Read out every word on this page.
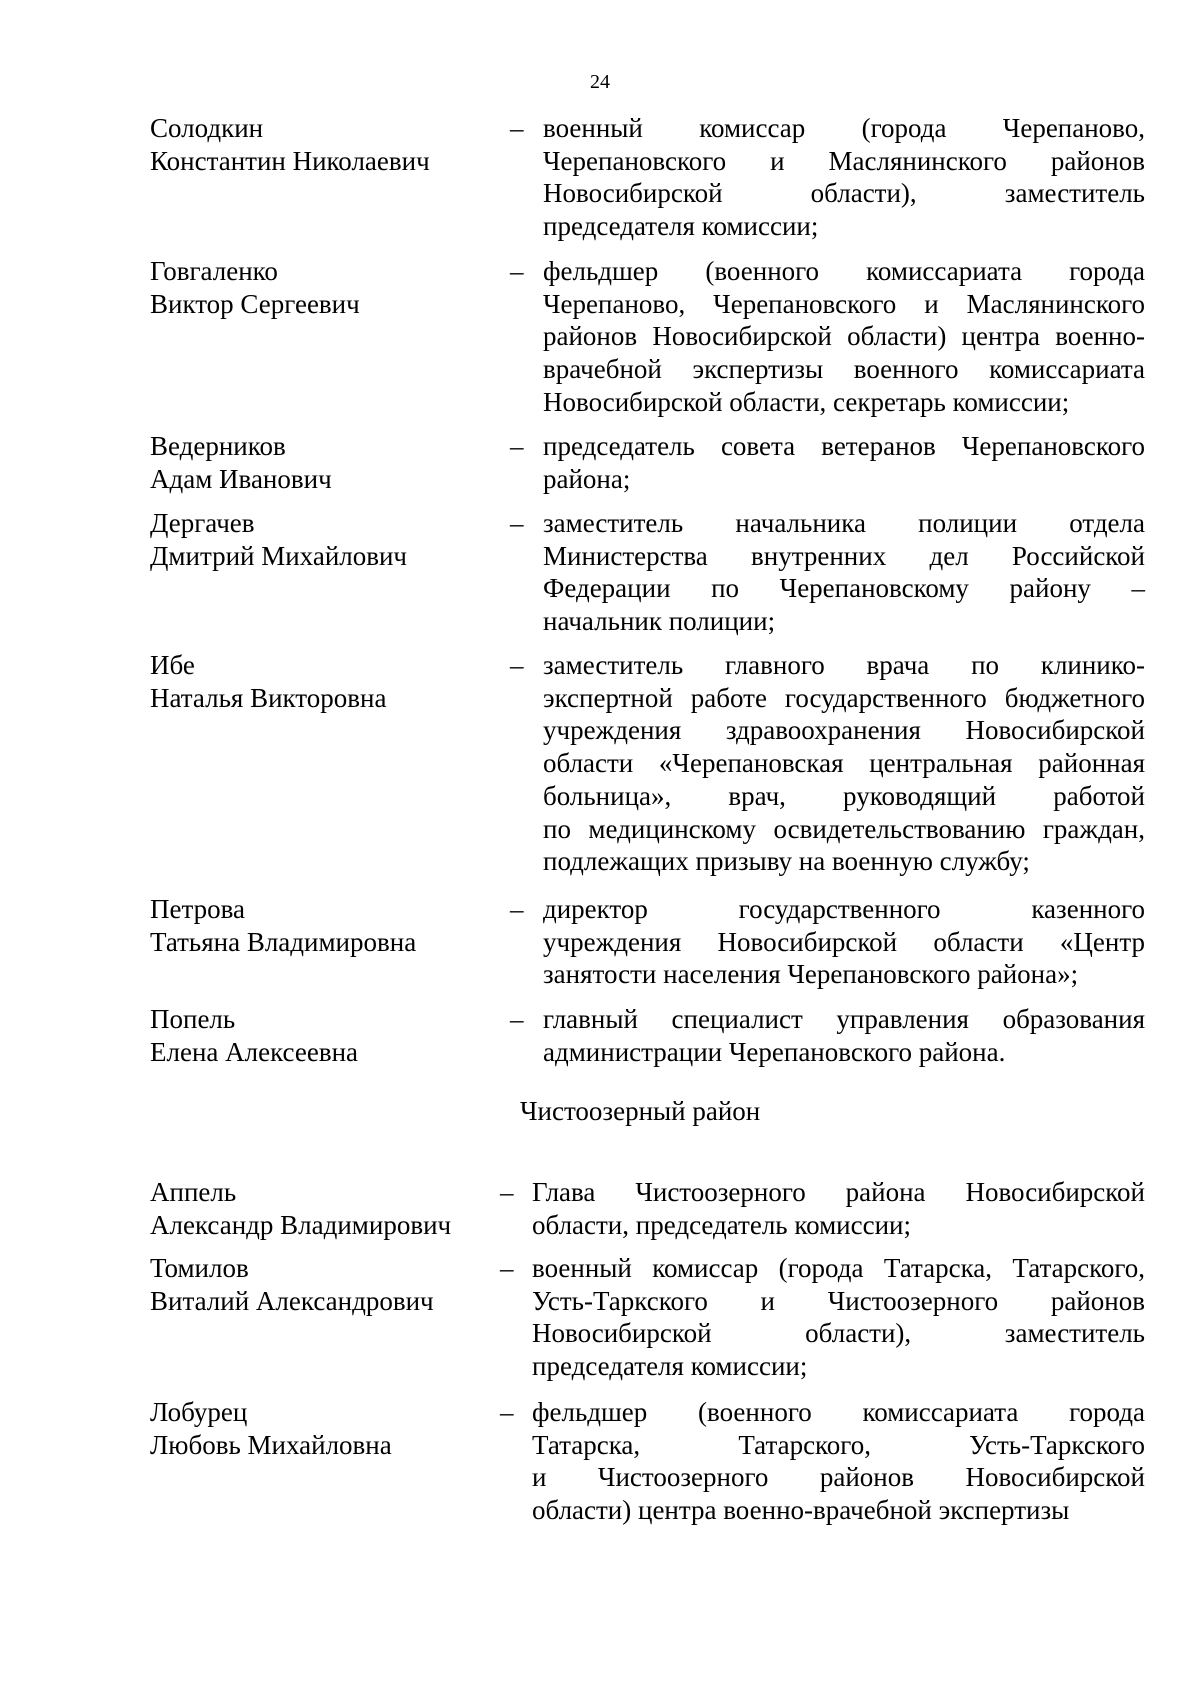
24
Солодкин
Константин Николаевич
– военный комиссар (города Черепаново,
Черепановского и Маслянинского районов
Новосибирской области), заместитель
председателя комиссии;
Говгаленко
Виктор Сергеевич
– фельдшер (военного комиссариата города
Черепаново, Черепановского и Маслянинского
районов Новосибирской области) центра военно-
врачебной экспертизы военного комиссариата
Новосибирской области, секретарь комиссии;
Ведерников
Адам Иванович
– председатель совета ветеранов Черепановского
района;
Дергачев
Дмитрий Михайлович
– заместитель начальника полиции отдела
Министерства внутренних дел Российской
Федерации по Черепановскому району –
начальник полиции;
Ибе
Наталья Викторовна
– заместитель главного врача по клинико-
экспертной работе государственного бюджетного
учреждения здравоохранения Новосибирской
области «Черепановская центральная районная
больница», врач, руководящий работой
по медицинскому освидетельствованию граждан,
подлежащих призыву на военную службу;
Петрова
Татьяна Владимировна
– директор государственного казенного
учреждения Новосибирской области «Центр
занятости населения Черепановского района»;
Попель
Елена Алексеевна
– главный специалист управления образования
администрации Черепановского района.
Чистоозерный район
Аппель
Александр Владимирович
– Глава Чистоозерного района Новосибирской
области, председатель комиссии;
Томилов
Виталий Александрович
– военный комиссар (города Татарска, Татарского,
Усть-Таркского и Чистоозерного районов
Новосибирской области), заместитель
председателя комиссии;
Лобурец
Любовь Михайловна
– фельдшер (военного комиссариата города
Татарска, Татарского, Усть-Таркского
и Чистоозерного районов Новосибирской
области) центра военно-врачебной экспертизы
